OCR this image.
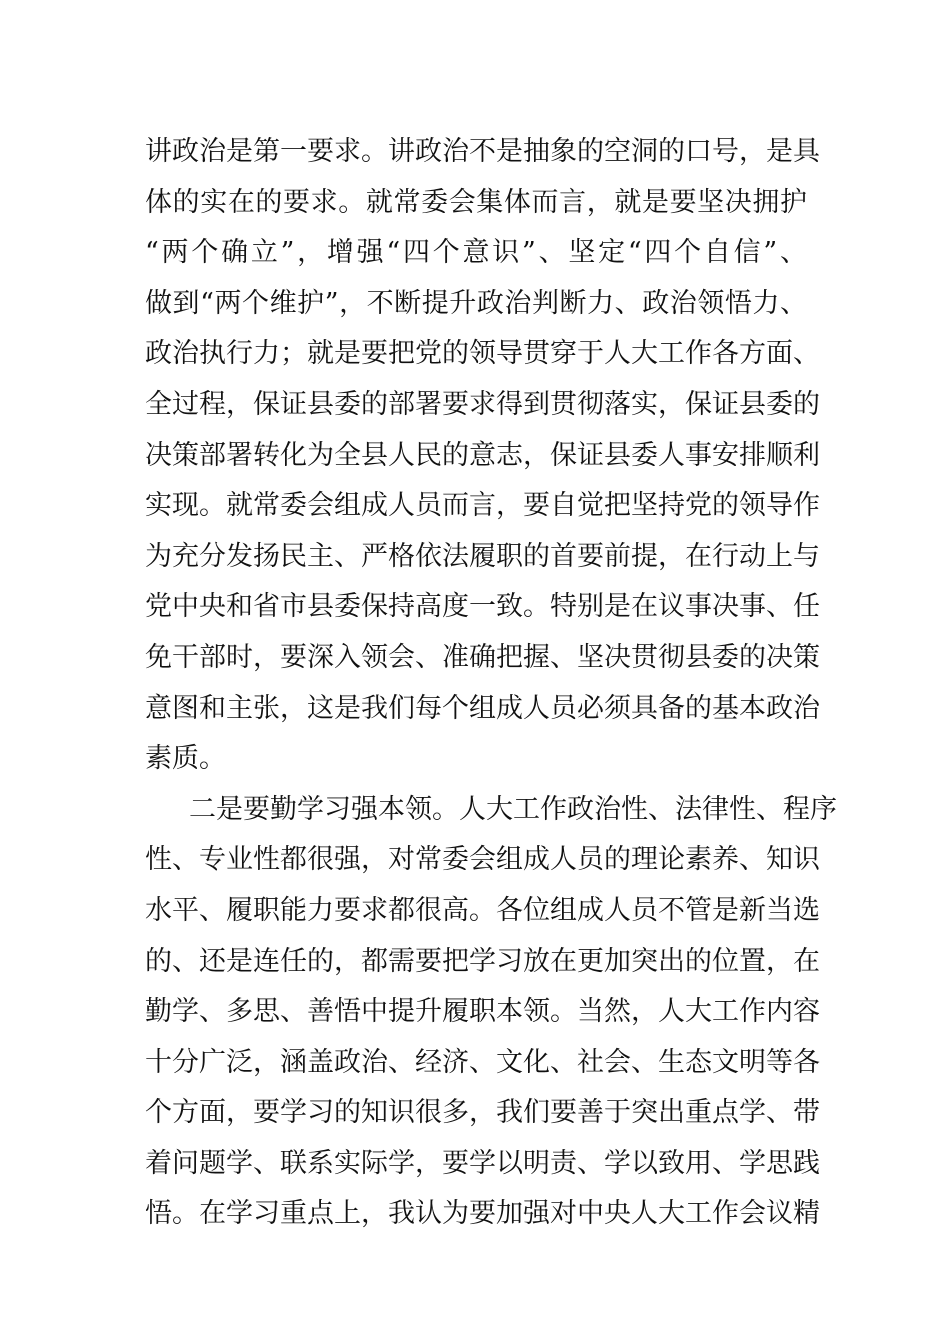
讲政治是第一要求。讲政治不是抽象的空洞的口号，是具
体的实在的要求。就常委会集体而言，就是要坚决拥护
“两个确立”，增强“四个意识”、坚定“四个自信”、
做到“两个维护”，不断提升政治判断力、政治领悟力、
政治执行力；就是要把党的领导贯穿于人大工作各方面、
全过程，保证县委的部署要求得到贯彻落实，保证县委的
决策部署转化为全县人民的意志，保证县委人事安排顺利
实现。就常委会组成人员而言，要自觉把坚持党的领导作
为充分发扬民主、严格依法履职的首要前提，在行动上与
党中央和省市县委保持高度一致。特别是在议事决事、任
免干部时，要深入领会、准确把握、坚决贯彻县委的决策
意图和主张，这是我们每个组成人员必须具备的基本政治
素质。
二是要勤学习强本领。人大工作政治性、法律性、程序
性、专业性都很强，对常委会组成人员的理论素养、知识
水平、履职能力要求都很高。各位组成人员不管是新当选
的、还是连任的，都需要把学习放在更加突出的位置，在
勤学、多思、善悟中提升履职本领。当然，人大工作内容
十分广泛，涵盖政治、经济、文化、社会、生态文明等各
个方面，要学习的知识很多，我们要善于突出重点学、带
着问题学、联系实际学，要学以明责、学以致用、学思践
悟。在学习重点上，我认为要加强对中央人大工作会议精
